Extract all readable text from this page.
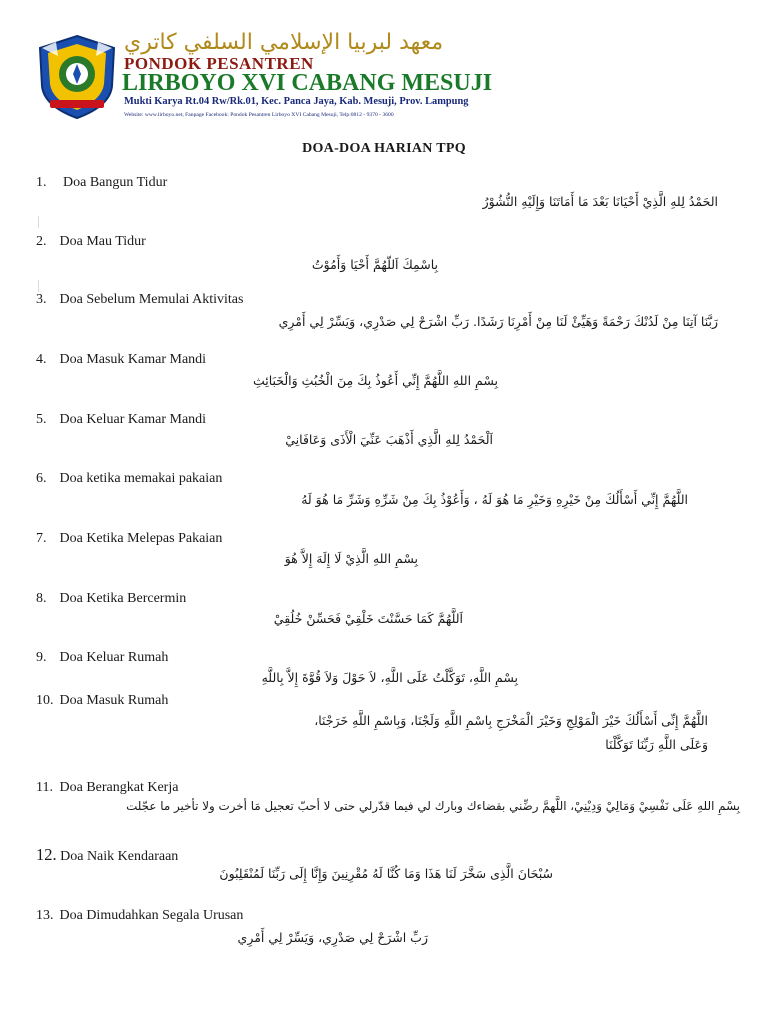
معهد لبربيا الإسلامي السلفي كاتري
PONDOK PESANTREN
LIRBOYO XVI CABANG MESUJI
Mukti Karya Rt.04 Rw/Rk.01, Kec. Panca Jaya, Kab. Mesuji, Prov. Lampung
Website: www.lirboyo.net, Fanpage Facebook: Pondok Pesantren Lirboyo XVI Cabang Mesuji, Telp:0812 - 9370 - 3600
DOA-DOA HARIAN TPQ
1. Doa Bangun Tidur
الحَمْدُ لِلهِ الَّذِيْ أَحْيَانَا بَعْدَ مَا أَمَاتَنَا وَإِلَيْهِ النُّشُوْرُ
2. Doa Mau Tidur
بِاسْمِكَ اَللّهُمَّ أَحْيَا وَأَمُوْتُ
3. Doa Sebelum Memulai Aktivitas
رَبَّنَا آتِنَا مِنْ لَدُنْكَ رَحْمَةً وَهَيِّئْ لَنَا مِنْ أَمْرِنَا رَشَدًا. رَبِّ اشْرَحْ لِي صَدْرِي، وَيَسِّرْ لِي أَمْرِي
4. Doa Masuk Kamar Mandi
بِسْمِ اللهِ اللَّهُمَّ إِنِّي أَعُوذُ بِكَ مِنَ الْخُبُثِ وَالْخَبَائِثِ
5. Doa Keluar Kamar Mandi
اَلْحَمْدُ لِلهِ الَّذِي أَذْهَبَ عَنِّيَ الْأَذَى وَعَافَانِيْ
6. Doa ketika memakai pakaian
اللَّهُمَّ إِنِّي أَسْأَلُكَ مِنْ خَيْرِهِ وَخَيْرِ مَا هُوَ لَهُ ، وَأَعُوْذُ بِكَ مِنْ شَرِّهِ وَشَرِّ مَا هُوَ لَهُ
7. Doa Ketika Melepas Pakaian
بِسْمِ اللهِ الَّذِيْ لَا إِلَهَ إِلاَّ هُوَ
8. Doa Ketika Bercermin
اَللَّهُمَّ كَمَا حَسَّنْتَ خَلْقِيْ فَحَسِّنْ خُلُقِيْ
9. Doa Keluar Rumah
بِسْمِ اللَّهِ، تَوَكَّلْتُ عَلَى اللَّهِ، لاَ حَوْلَ وَلاَ قُوَّةَ إِلاَّ بِاللَّهِ
10. Doa Masuk Rumah
اللَّهُمَّ إِنِّى أَسْأَلُكَ خَيْرَ الْمَوْلِجِ وَخَيْرَ الْمَخْرَجِ بِاسْمِ اللَّهِ وَلَجْنَا، وَبِاسْمِ اللَّهِ خَرَجْنَا،
وَعَلَى اللَّهِ رَبِّنَا تَوَكَّلْنَا
11. Doa Berangkat Kerja
بِسْمِ اللهِ عَلَى نَفْسِيْ وَمَالِيْ وَدِيْنِيْ، اللَّهمَّ رضِّني بقضاءك وبارك لي فيما قدّرلي حتى لا أحبّ تعجيل مَا أخرت ولا تأخير ما عجّلت
12. Doa Naik Kendaraan
سُبْحَانَ الَّذِى سَخَّرَ لَنَا هَذَا وَمَا كُنَّا لَهُ مُقْرِنِينَ وَإِنَّا إِلَى رَبِّنَا لَمُنْقَلِبُونَ
13. Doa Dimudahkan Segala Urusan
رَبِّ اشْرَحْ لِي صَدْرِي، وَيَسِّرْ لِي أَمْرِي
